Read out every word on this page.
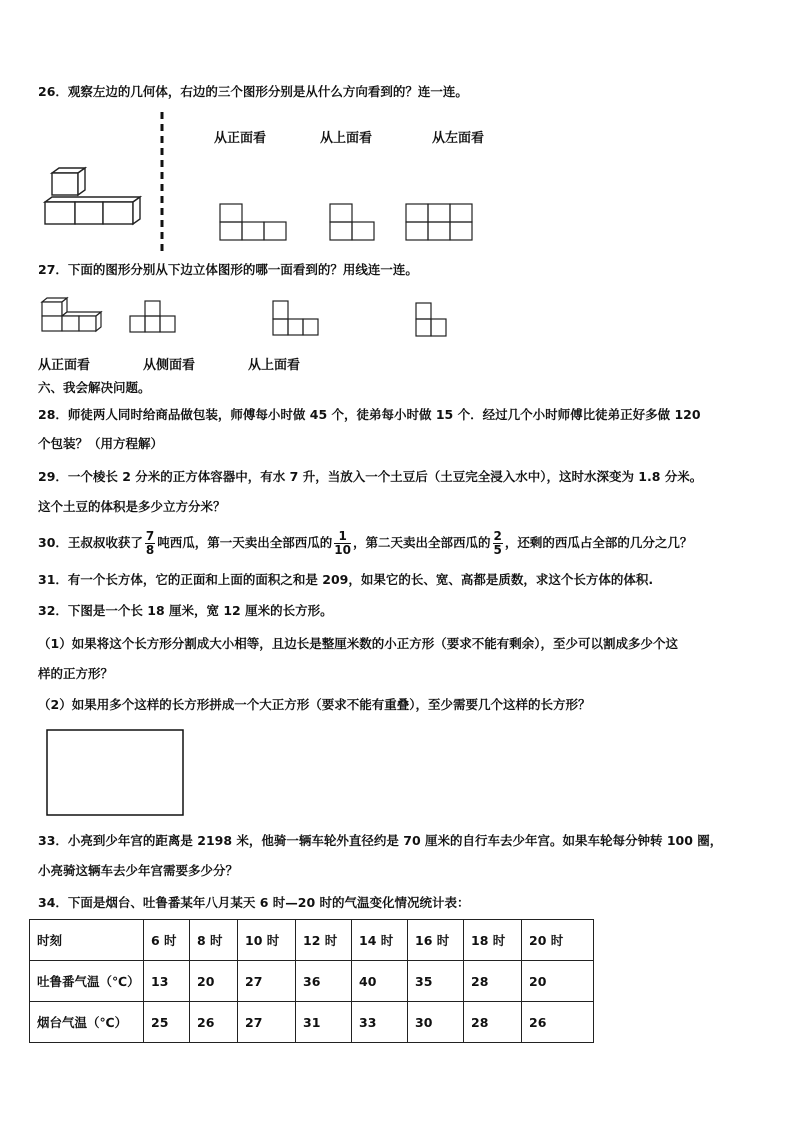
26．观察左边的几何体，右边的三个图形分别是从什么方向看到的？连一连。
从正面看	从上面看	从左面看
27．下面的图形分别从下边立体图形的哪一面看到的？用线连一连。
从正面看	从侧面看	从上面看
六、我会解决问题。
28．师徒两人同时给商品做包装，师傅每小时做 45 个，徒弟每小时做 15 个．经过几个小时师傅比徒弟正好多做 120
个包装？（用方程解）
29．一个棱长 2 分米的正方体容器中，有水 7 升，当放入一个土豆后（土豆完全浸入水中），这时水深变为 1.8 分米。
这个土豆的体积是多少立方分米？
30．王叔叔收获了 $\frac{7}{8}$ 吨西瓜，第一天卖出全部西瓜的 $\frac{1}{10}$ ，第二天卖出全部西瓜的 $\frac{2}{5}$ ，还剩的西瓜占全部的几分之几？
31．有一个长方体，它的正面和上面的面积之和是 209，如果它的长、宽、高都是质数，求这个长方体的体积.
32．下图是一个长 18 厘米，宽 12 厘米的长方形。
（1）如果将这个长方形分割成大小相等，且边长是整厘米数的小正方形（要求不能有剩余），至少可以割成多少个这
样的正方形？
（2）如果用多个这样的长方形拼成一个大正方形（要求不能有重叠），至少需要几个这样的长方形？
33．小亮到少年宫的距离是 2198 米，他骑一辆车轮外直径约是 70 厘米的自行车去少年宫。如果车轮每分钟转 100 圈，
小亮骑这辆车去少年宫需要多少分？
34．下面是烟台、吐鲁番某年八月某天 6 时—20 时的气温变化情况统计表：
时刻	6 时	8 时	10 时	12 时	14 时	16 时	18 时	20 时
吐鲁番气温（℃）	13	20	27	36	40	35	28	20
烟台气温（℃）	25	26	27	31	33	30	28	26
